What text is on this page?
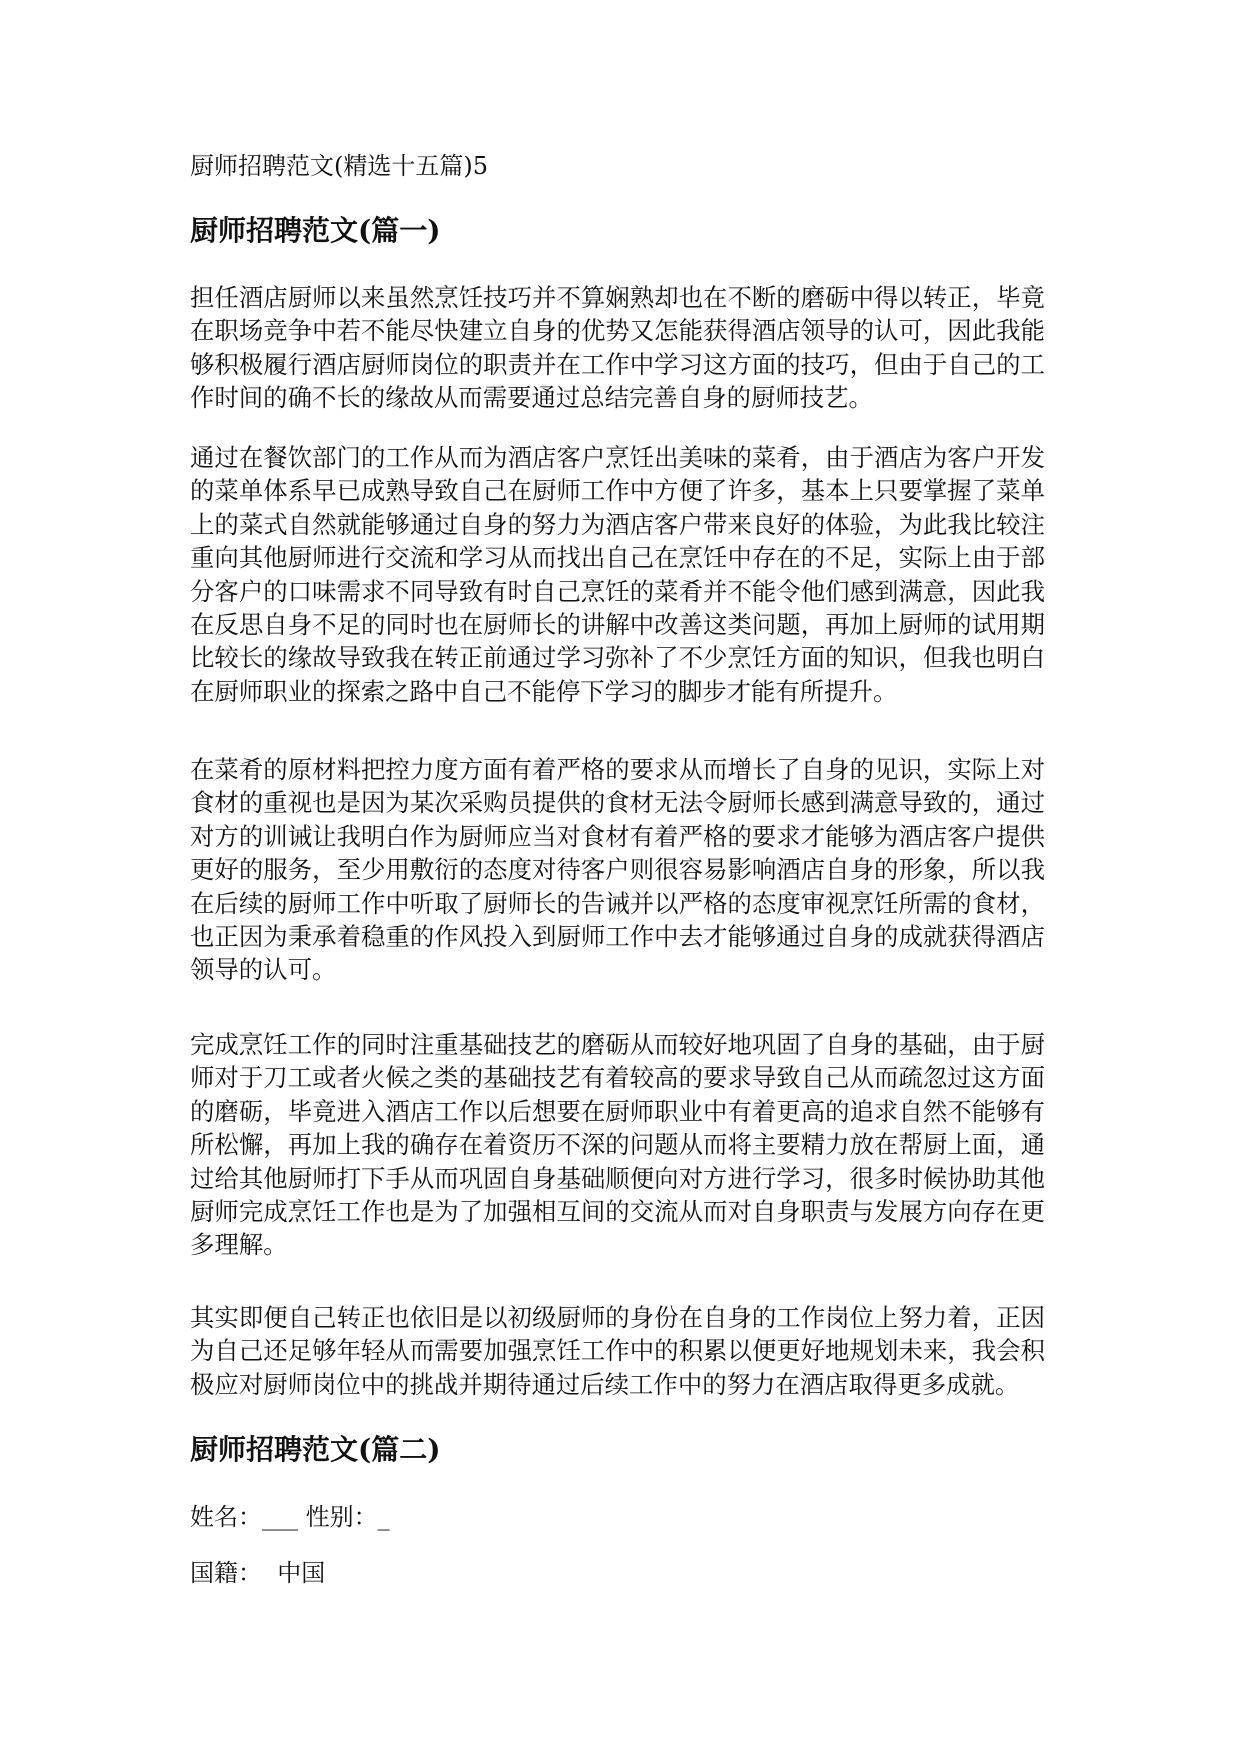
厨师招聘范文(精选十五篇)5

厨师招聘范文(篇一)

担任酒店厨师以来虽然烹饪技巧并不算娴熟却也在不断的磨砺中得以转正，毕竟在职场竞争中若不能尽快建立自身的优势又怎能获得酒店领导的认可，因此我能够积极履行酒店厨师岗位的职责并在工作中学习这方面的技巧，但由于自己的工作时间的确不长的缘故从而需要通过总结完善自身的厨师技艺。

通过在餐饮部门的工作从而为酒店客户烹饪出美味的菜肴，由于酒店为客户开发的菜单体系早已成熟导致自己在厨师工作中方便了许多，基本上只要掌握了菜单上的菜式自然就能够通过自身的努力为酒店客户带来良好的体验，为此我比较注重向其他厨师进行交流和学习从而找出自己在烹饪中存在的不足，实际上由于部分客户的口味需求不同导致有时自己烹饪的菜肴并不能令他们感到满意，因此我在反思自身不足的同时也在厨师长的讲解中改善这类问题，再加上厨师的试用期比较长的缘故导致我在转正前通过学习弥补了不少烹饪方面的知识，但我也明白在厨师职业的探索之路中自己不能停下学习的脚步才能有所提升。

在菜肴的原材料把控力度方面有着严格的要求从而增长了自身的见识，实际上对食材的重视也是因为某次采购员提供的食材无法令厨师长感到满意导致的，通过对方的训诫让我明白作为厨师应当对食材有着严格的要求才能够为酒店客户提供更好的服务，至少用敷衍的态度对待客户则很容易影响酒店自身的形象，所以我在后续的厨师工作中听取了厨师长的告诫并以严格的态度审视烹饪所需的食材，也正因为秉承着稳重的作风投入到厨师工作中去才能够通过自身的成就获得酒店领导的认可。

完成烹饪工作的同时注重基础技艺的磨砺从而较好地巩固了自身的基础，由于厨师对于刀工或者火候之类的基础技艺有着较高的要求导致自己从而疏忽过这方面的磨砺，毕竟进入酒店工作以后想要在厨师职业中有着更高的追求自然不能够有所松懈，再加上我的确存在着资历不深的问题从而将主要精力放在帮厨上面，通过给其他厨师打下手从而巩固自身基础顺便向对方进行学习，很多时候协助其他厨师完成烹饪工作也是为了加强相互间的交流从而对自身职责与发展方向存在更多理解。

其实即便自己转正也依旧是以初级厨师的身份在自身的工作岗位上努力着，正因为自己还足够年轻从而需要加强烹饪工作中的积累以便更好地规划未来，我会积极应对厨师岗位中的挑战并期待通过后续工作中的努力在酒店取得更多成就。

厨师招聘范文(篇二)

姓名：___ 性别：_

国籍：  中国
